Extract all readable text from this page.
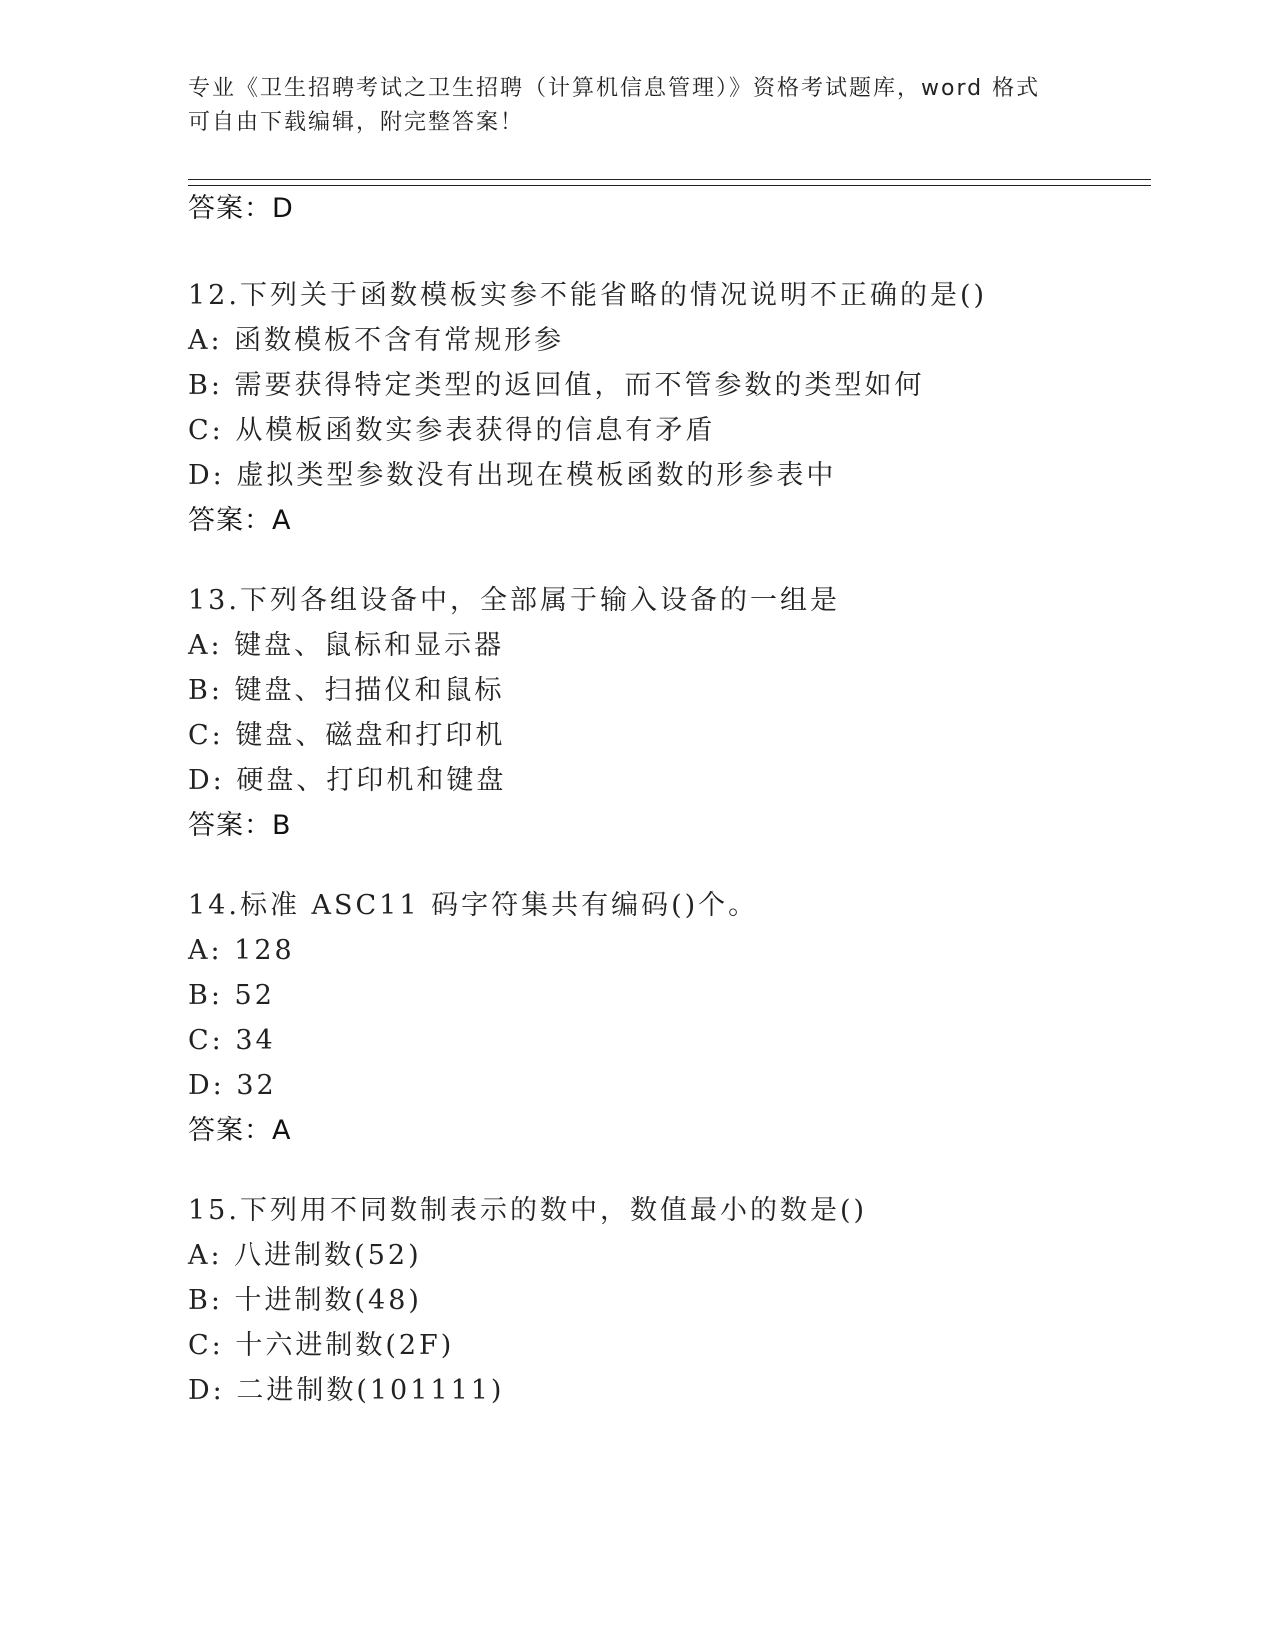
专业《卫生招聘考试之卫生招聘（计算机信息管理）》资格考试题库，word 格式
可自由下载编辑，附完整答案！
答案：D
12.下列关于函数模板实参不能省略的情况说明不正确的是()
A: 函数模板不含有常规形参
B: 需要获得特定类型的返回值，而不管参数的类型如何
C: 从模板函数实参表获得的信息有矛盾
D: 虚拟类型参数没有出现在模板函数的形参表中
答案：A
13.下列各组设备中，全部属于输入设备的一组是
A: 键盘、鼠标和显示器
B: 键盘、扫描仪和鼠标
C: 键盘、磁盘和打印机
D: 硬盘、打印机和键盘
答案：B
14.标准 ASC11 码字符集共有编码()个。
A: 128
B: 52
C: 34
D: 32
答案：A
15.下列用不同数制表示的数中，数值最小的数是()
A: 八进制数(52)
B: 十进制数(48)
C: 十六进制数(2F)
D: 二进制数(101111)
